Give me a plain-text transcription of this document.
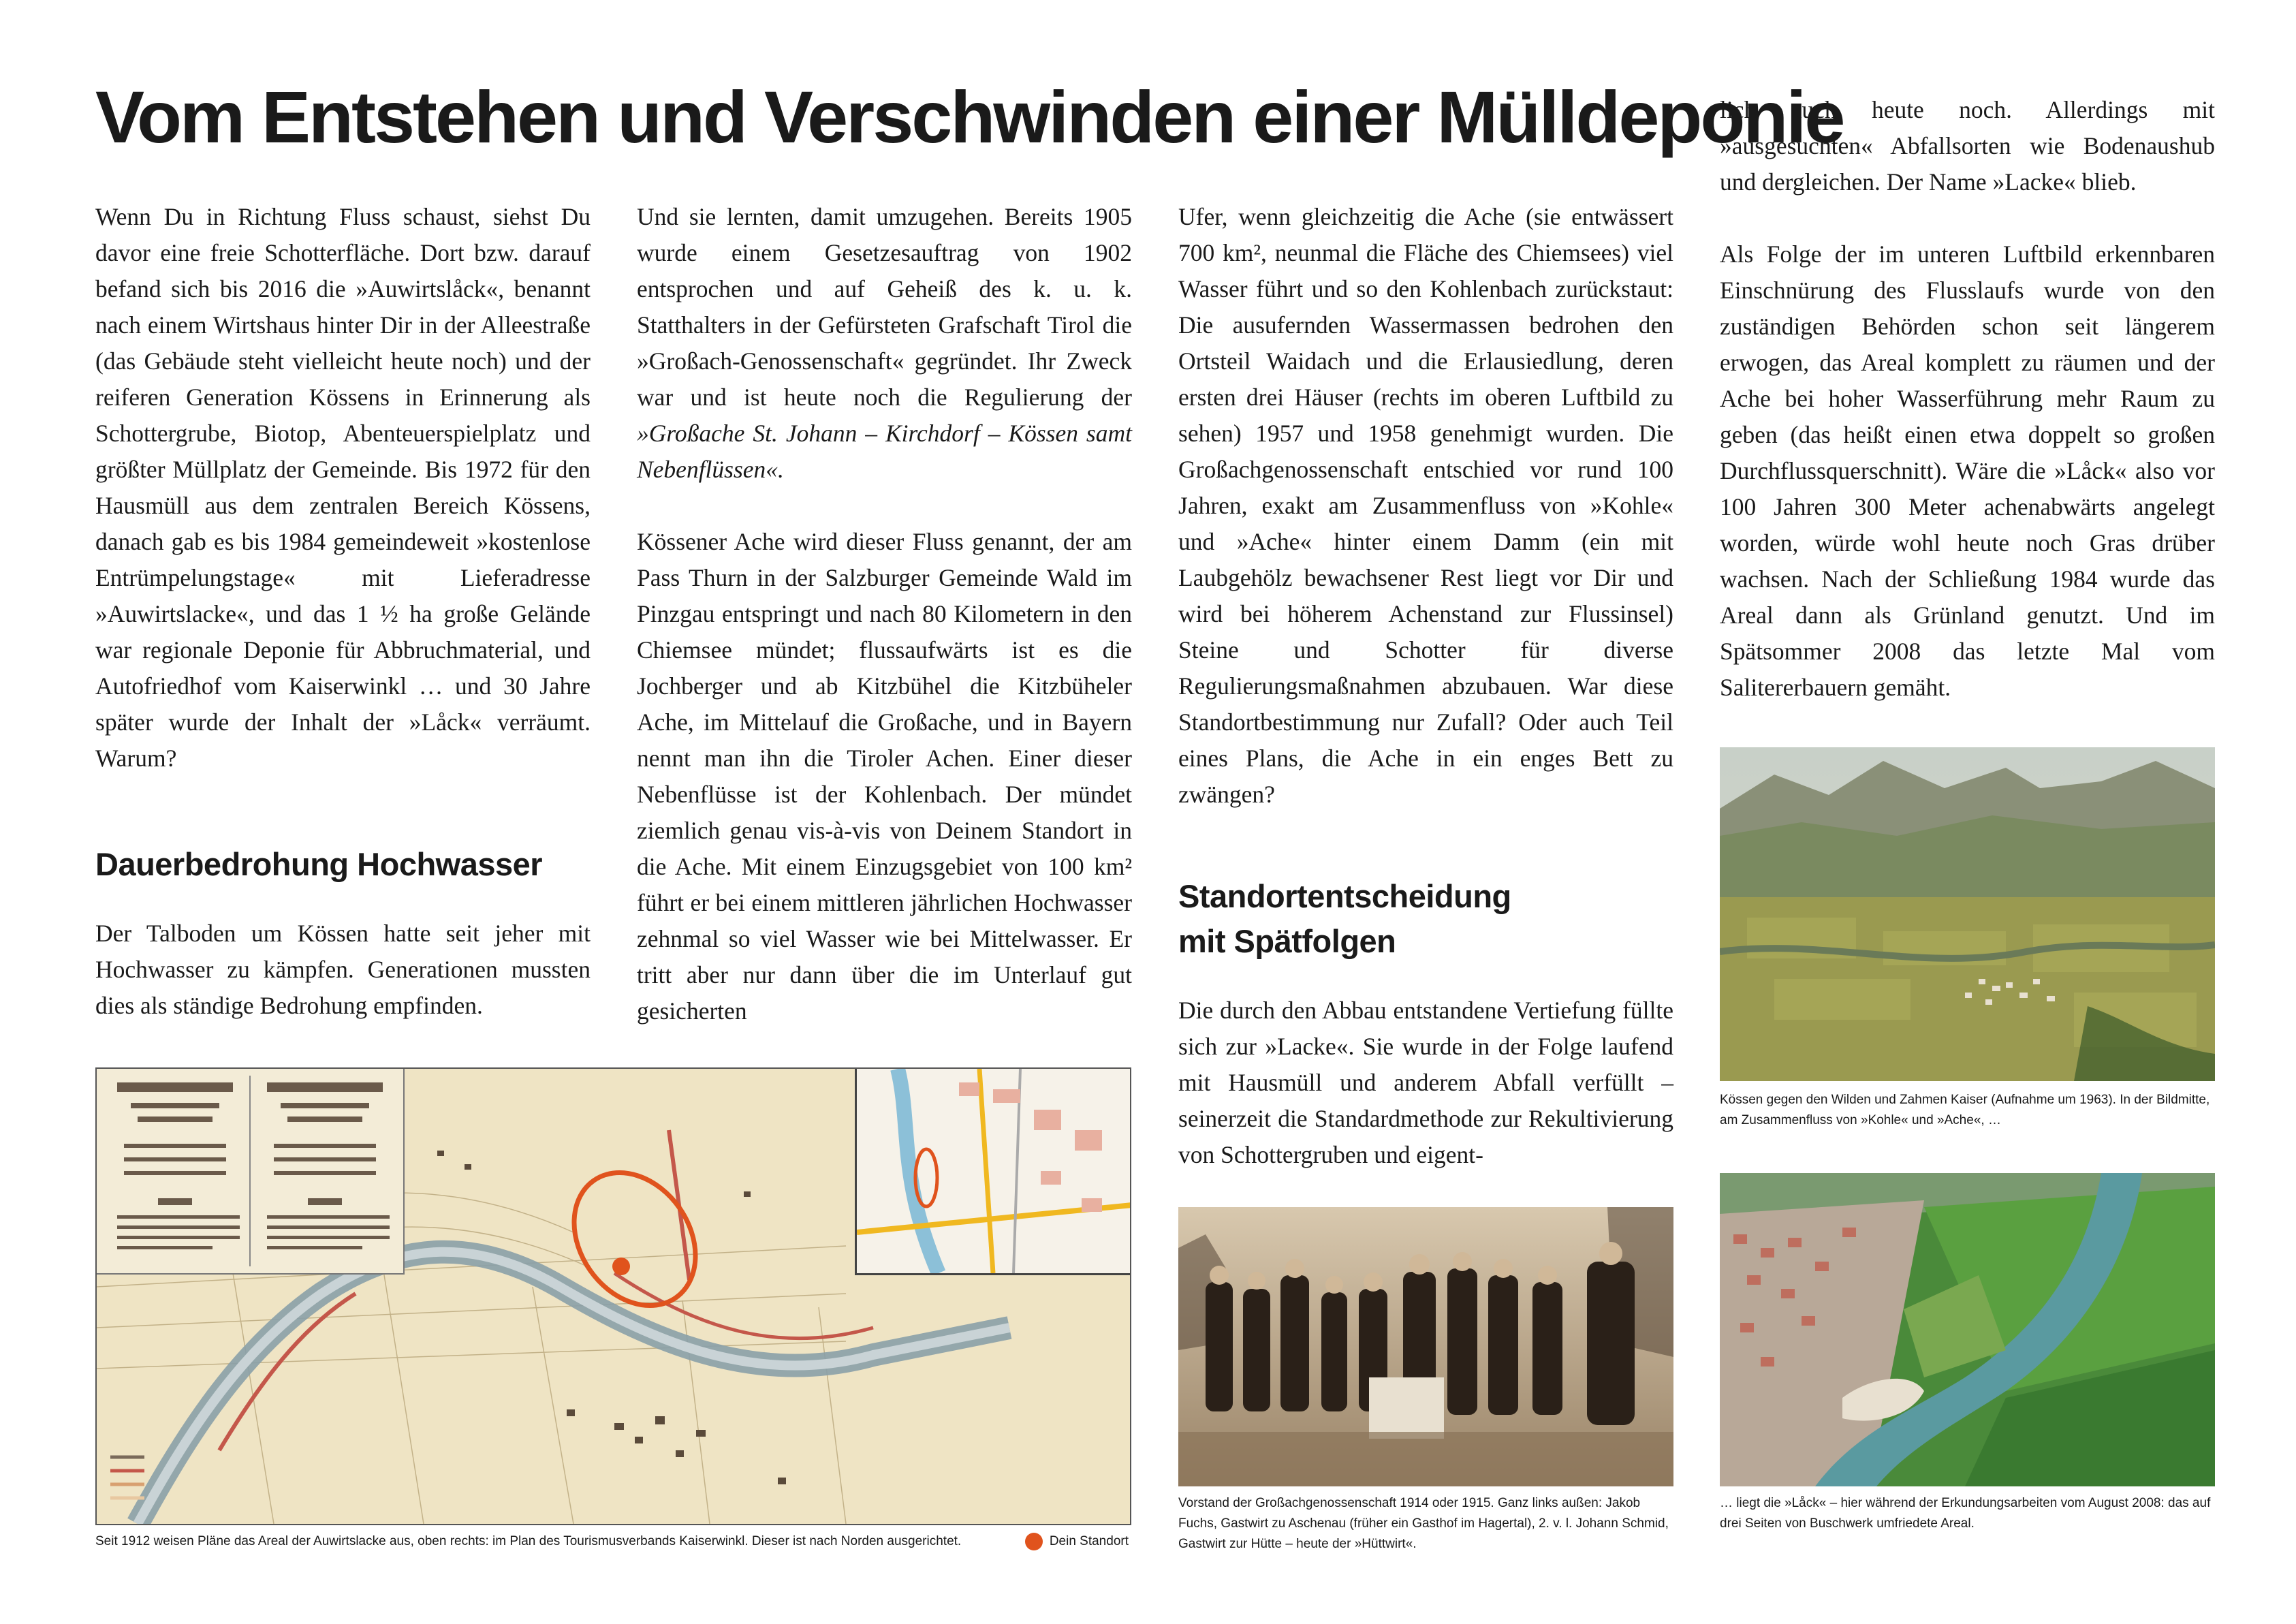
Vom Entstehen und Verschwinden einer Mülldeponie

Wenn Du in Richtung Fluss schaust, siehst Du davor eine freie Schotterfläche. Dort bzw. darauf befand sich bis 2016 die »Auwirtslåck«, benannt nach einem Wirtshaus hinter Dir in der Alleestraße (das Gebäude steht vielleicht heute noch) und der reiferen Generation Kössens in Erinnerung als Schottergrube, Biotop, Abenteuerspielplatz und größter Müllplatz der Gemeinde. Bis 1972 für den Hausmüll aus dem zentralen Bereich Kössens, danach gab es bis 1984 gemeindeweit »kostenlose Entrümpelungstage« mit Lieferadresse »Auwirtslacke«, und das 1 ½ ha große Gelände war regionale Deponie für Abbruchmaterial, und Autofriedhof vom Kaiserwinkl … und 30 Jahre später wurde der Inhalt der »Låck« verräumt. Warum?

Dauerbedrohung Hochwasser

Der Talboden um Kössen hatte seit jeher mit Hochwasser zu kämpfen. Generationen mussten dies als ständige Bedrohung empfinden.

Und sie lernten, damit umzugehen. Bereits 1905 wurde einem Gesetzesauftrag von 1902 entsprochen und auf Geheiß des k. u. k. Statthalters in der Gefürsteten Grafschaft Tirol die »Großach-Genossenschaft« gegründet. Ihr Zweck war und ist heute noch die Regulierung der »Großache St. Johann – Kirchdorf – Kössen samt Nebenflüssen«.

Kössener Ache wird dieser Fluss genannt, der am Pass Thurn in der Salzburger Gemeinde Wald im Pinzgau entspringt und nach 80 Kilometern in den Chiemsee mündet; flussaufwärts ist es die Jochberger und ab Kitzbühel die Kitzbüheler Ache, im Mittelauf die Großache, und in Bayern nennt man ihn die Tiroler Achen. Einer dieser Nebenflüsse ist der Kohlenbach. Der mündet ziemlich genau vis-à-vis von Deinem Standort in die Ache. Mit einem Einzugsgebiet von 100 km² führt er bei einem mittleren jährlichen Hochwasser zehnmal so viel Wasser wie bei Mittelwasser. Er tritt aber nur dann über die im Unterlauf gut gesicherten

Ufer, wenn gleichzeitig die Ache (sie entwässert 700 km², neunmal die Fläche des Chiemsees) viel Wasser führt und so den Kohlenbach zurückstaut: Die ausufernden Wassermassen bedrohen den Ortsteil Waidach und die Erlausiedlung, deren ersten drei Häuser (rechts im oberen Luftbild zu sehen) 1957 und 1958 genehmigt wurden. Die Großachgenossenschaft entschied vor rund 100 Jahren, exakt am Zusammenfluss von »Kohle« und »Ache« hinter einem Damm (ein mit Laubgehölz bewachsener Rest liegt vor Dir und wird bei höherem Achenstand zur Flussinsel) Steine und Schotter für diverse Regulierungsmaßnahmen abzubauen. War diese Standortbestimmung nur Zufall? Oder auch Teil eines Plans, die Ache in ein enges Bett zu zwängen?

Standortentscheidung
mit Spätfolgen

Die durch den Abbau entstandene Vertiefung füllte sich zur »Lacke«. Sie wurde in der Folge laufend mit Hausmüll und anderem Abfall verfüllt – seinerzeit die Standardmethode zur Rekultivierung von Schottergruben und eigent-

lich auch heute noch. Allerdings mit »ausgesuchten« Abfallsorten wie Bodenaushub und dergleichen. Der Name »Lacke« blieb.

Als Folge der im unteren Luftbild erkennbaren Einschnürung des Flusslaufs wurde von den zuständigen Behörden schon seit längerem erwogen, das Areal komplett zu räumen und der Ache bei hoher Wasserführung mehr Raum zu geben (das heißt einen etwa doppelt so großen Durchflussquerschnitt). Wäre die »Låck« also vor 100 Jahren 300 Meter achenabwärts angelegt worden, würde wohl heute noch Gras drüber wachsen. Nach der Schließung 1984 wurde das Areal dann als Grünland genutzt. Und im Spätsommer 2008 das letzte Mal vom Salitererbauern gemäht.

Seit 1912 weisen Pläne das Areal der Auwirtslacke aus, oben rechts: im Plan des Tourismusverbands Kaiserwinkl. Dieser ist nach Norden ausgerichtet.	Dein Standort

Vorstand der Großachgenossenschaft 1914 oder 1915. Ganz links außen: Jakob Fuchs, Gastwirt zu Aschenau (früher ein Gasthof im Hagertal), 2. v. l. Johann Schmid, Gastwirt zur Hütte – heute der »Hüttwirt«.

Kössen gegen den Wilden und Zahmen Kaiser (Aufnahme um 1963). In der Bildmitte, am Zusammenfluss von »Kohle« und »Ache«, …

… liegt die »Låck« – hier während der Erkundungsarbeiten vom August 2008: das auf drei Seiten von Buschwerk umfriedete Areal.
